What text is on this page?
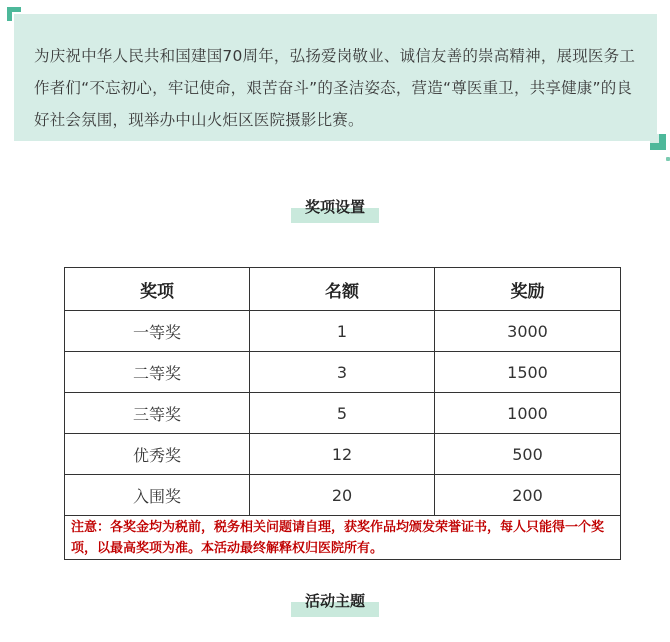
为庆祝中华人民共和国建国70周年，弘扬爱岗敬业、诚信友善的崇高精神，展现医务工作者们“不忘初心，牢记使命，艰苦奋斗”的圣洁姿态，营造“尊医重卫，共享健康”的良好社会氛围，现举办中山火炬区医院摄影比赛。
奖项设置
奖项	名额	奖励
一等奖	1	3000
二等奖	3	1500
三等奖	5	1000
优秀奖	12	500
入围奖	20	200
注意：各奖金均为税前，税务相关问题请自理，获奖作品均颁发荣誉证书，每人只能得一个奖项，以最高奖项为准。本活动最终解释权归医院所有。		
活动主题
